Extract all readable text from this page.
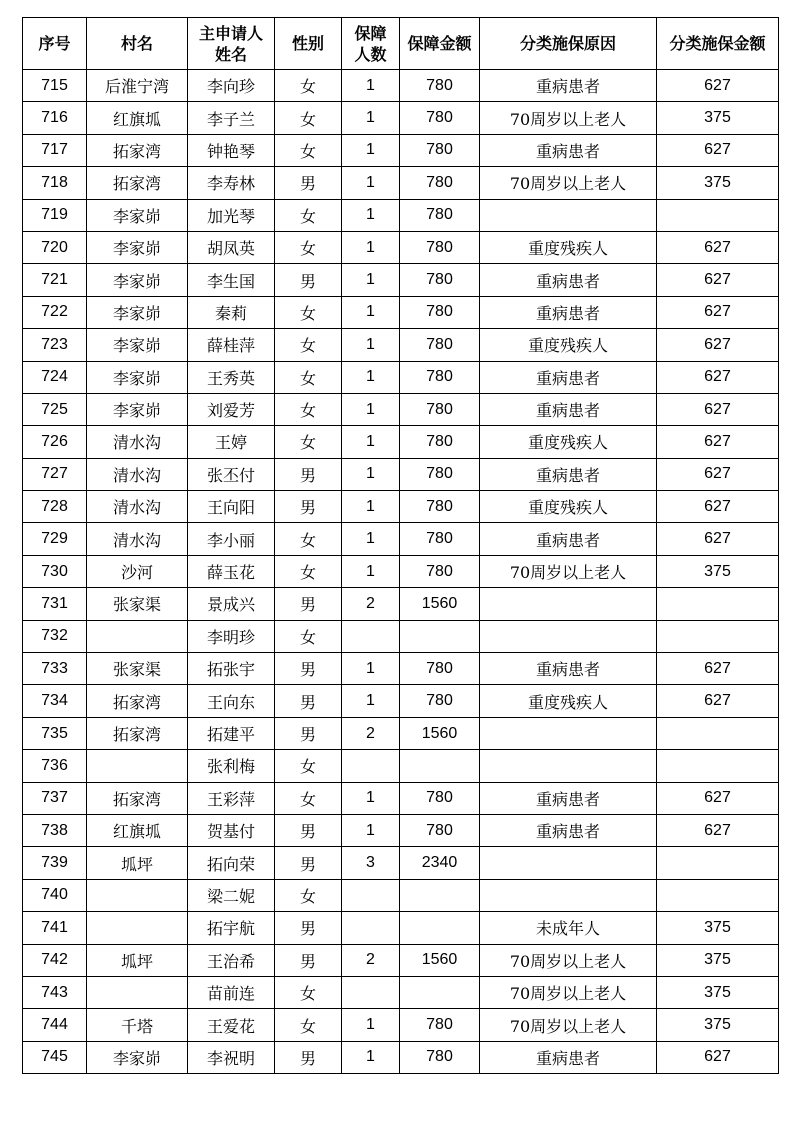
序号	村名	主申请人姓名	性别	保障人数	保障金额	分类施保原因	分类施保金额
715	后淮宁湾	李向珍	女	1	780	重病患者	627
716	红旗坬	李子兰	女	1	780	70周岁以上老人	375
717	拓家湾	钟艳琴	女	1	780	重病患者	627
718	拓家湾	李寿林	男	1	780	70周岁以上老人	375
719	李家峁	加光琴	女	1	780		
720	李家峁	胡凤英	女	1	780	重度残疾人	627
721	李家峁	李生国	男	1	780	重病患者	627
722	李家峁	秦莉	女	1	780	重病患者	627
723	李家峁	薛桂萍	女	1	780	重度残疾人	627
724	李家峁	王秀英	女	1	780	重病患者	627
725	李家峁	刘爱芳	女	1	780	重病患者	627
726	清水沟	王婷	女	1	780	重度残疾人	627
727	清水沟	张丕付	男	1	780	重病患者	627
728	清水沟	王向阳	男	1	780	重度残疾人	627
729	清水沟	李小丽	女	1	780	重病患者	627
730	沙河	薛玉花	女	1	780	70周岁以上老人	375
731	张家渠	景成兴	男	2	1560		
732		李明珍	女				
733	张家渠	拓张宇	男	1	780	重病患者	627
734	拓家湾	王向东	男	1	780	重度残疾人	627
735	拓家湾	拓建平	男	2	1560		
736		张利梅	女				
737	拓家湾	王彩萍	女	1	780	重病患者	627
738	红旗坬	贺基付	男	1	780	重病患者	627
739	坬坪	拓向荣	男	3	2340		
740		梁二妮	女				
741		拓宇航	男			未成年人	375
742	坬坪	王治希	男	2	1560	70周岁以上老人	375
743		苗前连	女			70周岁以上老人	375
744	千塔	王爱花	女	1	780	70周岁以上老人	375
745	李家峁	李祝明	男	1	780	重病患者	627
